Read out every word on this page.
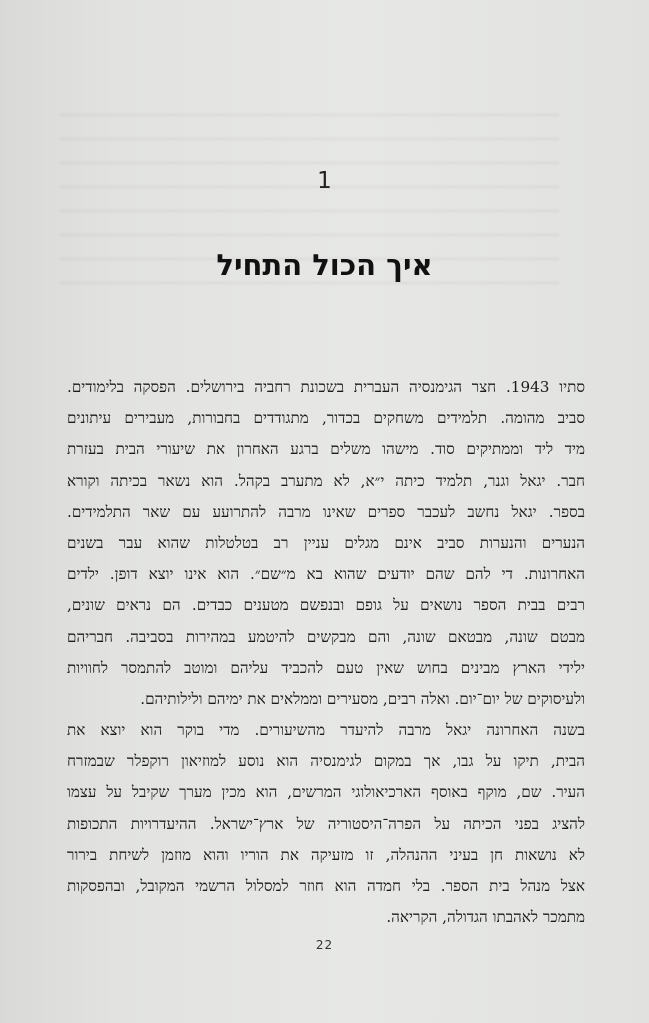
1
איך הכול התחיל
סתיו 1943. חצר הגימנסיה העברית בשכונת רחביה בירושלים. הפסקה בלימודים.
סביב מהומה. תלמידים משחקים בכדור, מתגודדים בחבורות, מעבירים עיתונים
מיד ליד וממתיקים סוד. מישהו משלים ברגע האחרון את שיעורי הבית בעזרת
חבר. יגאל וגנר, תלמיד כיתה י״א, לא מתערב בקהל. הוא נשאר בכיתה וקורא
בספר. יגאל נחשב לעכבר ספרים שאינו מרבה להתרועע עם שאר התלמידים.
הנערים והנערות סביב אינם מגלים עניין רב בטלטלות שהוא עבר בשנים
האחרונות. די להם שהם יודעים שהוא בא מ״שם״. הוא אינו יוצא דופן. ילדים
רבים בבית הספר נושאים על גופם ובנפשם מטענים כבדים. הם נראים שונים,
מבטם שונה, מבטאם שונה, והם מבקשים להיטמע במהירות בסביבה. חבריהם
ילידי הארץ מבינים בחוש שאין טעם להכביד עליהם ומוטב להתמסר לחוויות
ולעיסוקים של יום־יום. ואלה רבים, מסעירים וממלאים את ימיהם ולילותיהם.
בשנה האחרונה יגאל מרבה להיעדר מהשיעורים. מדי בוקר הוא יוצא את
הבית, תיקו על גבו, אך במקום לגימנסיה הוא נוסע למוזיאון רוקפלר שבמזרח
העיר. שם, מוקף באוסף הארכיאולוגי המרשים, הוא מכין מערך שקיבל על עצמו
להציג בפני הכיתה על הפרה־היסטוריה של ארץ־ישראל. ההיעדרויות התכופות
לא נושאות חן בעיני ההנהלה, זו מזעיקה את הוריו והוא מוזמן לשיחת בירור
אצל מנהל בית הספר. בלי חמדה הוא חוזר למסלול הרשמי המקובל, ובהפסקות
מתמכר לאהבתו הגדולה, הקריאה.
22
